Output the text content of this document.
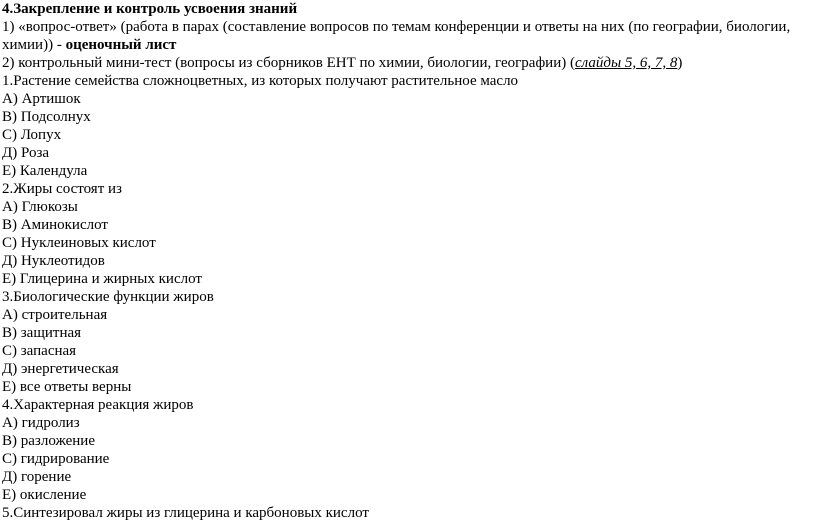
4.Закрепление и контроль усвоения знаний
1) «вопрос-ответ» (работа в парах (составление вопросов по темам конференции и ответы на них (по географии, биологии,
химии)) - оценочный лист
2) контрольный мини-тест (вопросы из сборников ЕНТ по химии, биологии, географии) (слайды 5, 6, 7, 8)
1.Растение семейства сложноцветных, из которых получают растительное масло
А) Артишок
В) Подсолнух
С) Лопух
Д) Роза
Е) Календула
2.Жиры состоят из
А) Глюкозы
В) Аминокислот
С) Нуклеиновых кислот
Д) Нуклеотидов
Е) Глицерина и жирных кислот
3.Биологические функции жиров
А) строительная
В) защитная
С) запасная
Д) энергетическая
Е) все ответы верны
4.Характерная реакция жиров
А) гидролиз
В) разложение
С) гидрирование
Д) горение
Е) окисление
5.Синтезировал жиры из глицерина и карбоновых кислот
